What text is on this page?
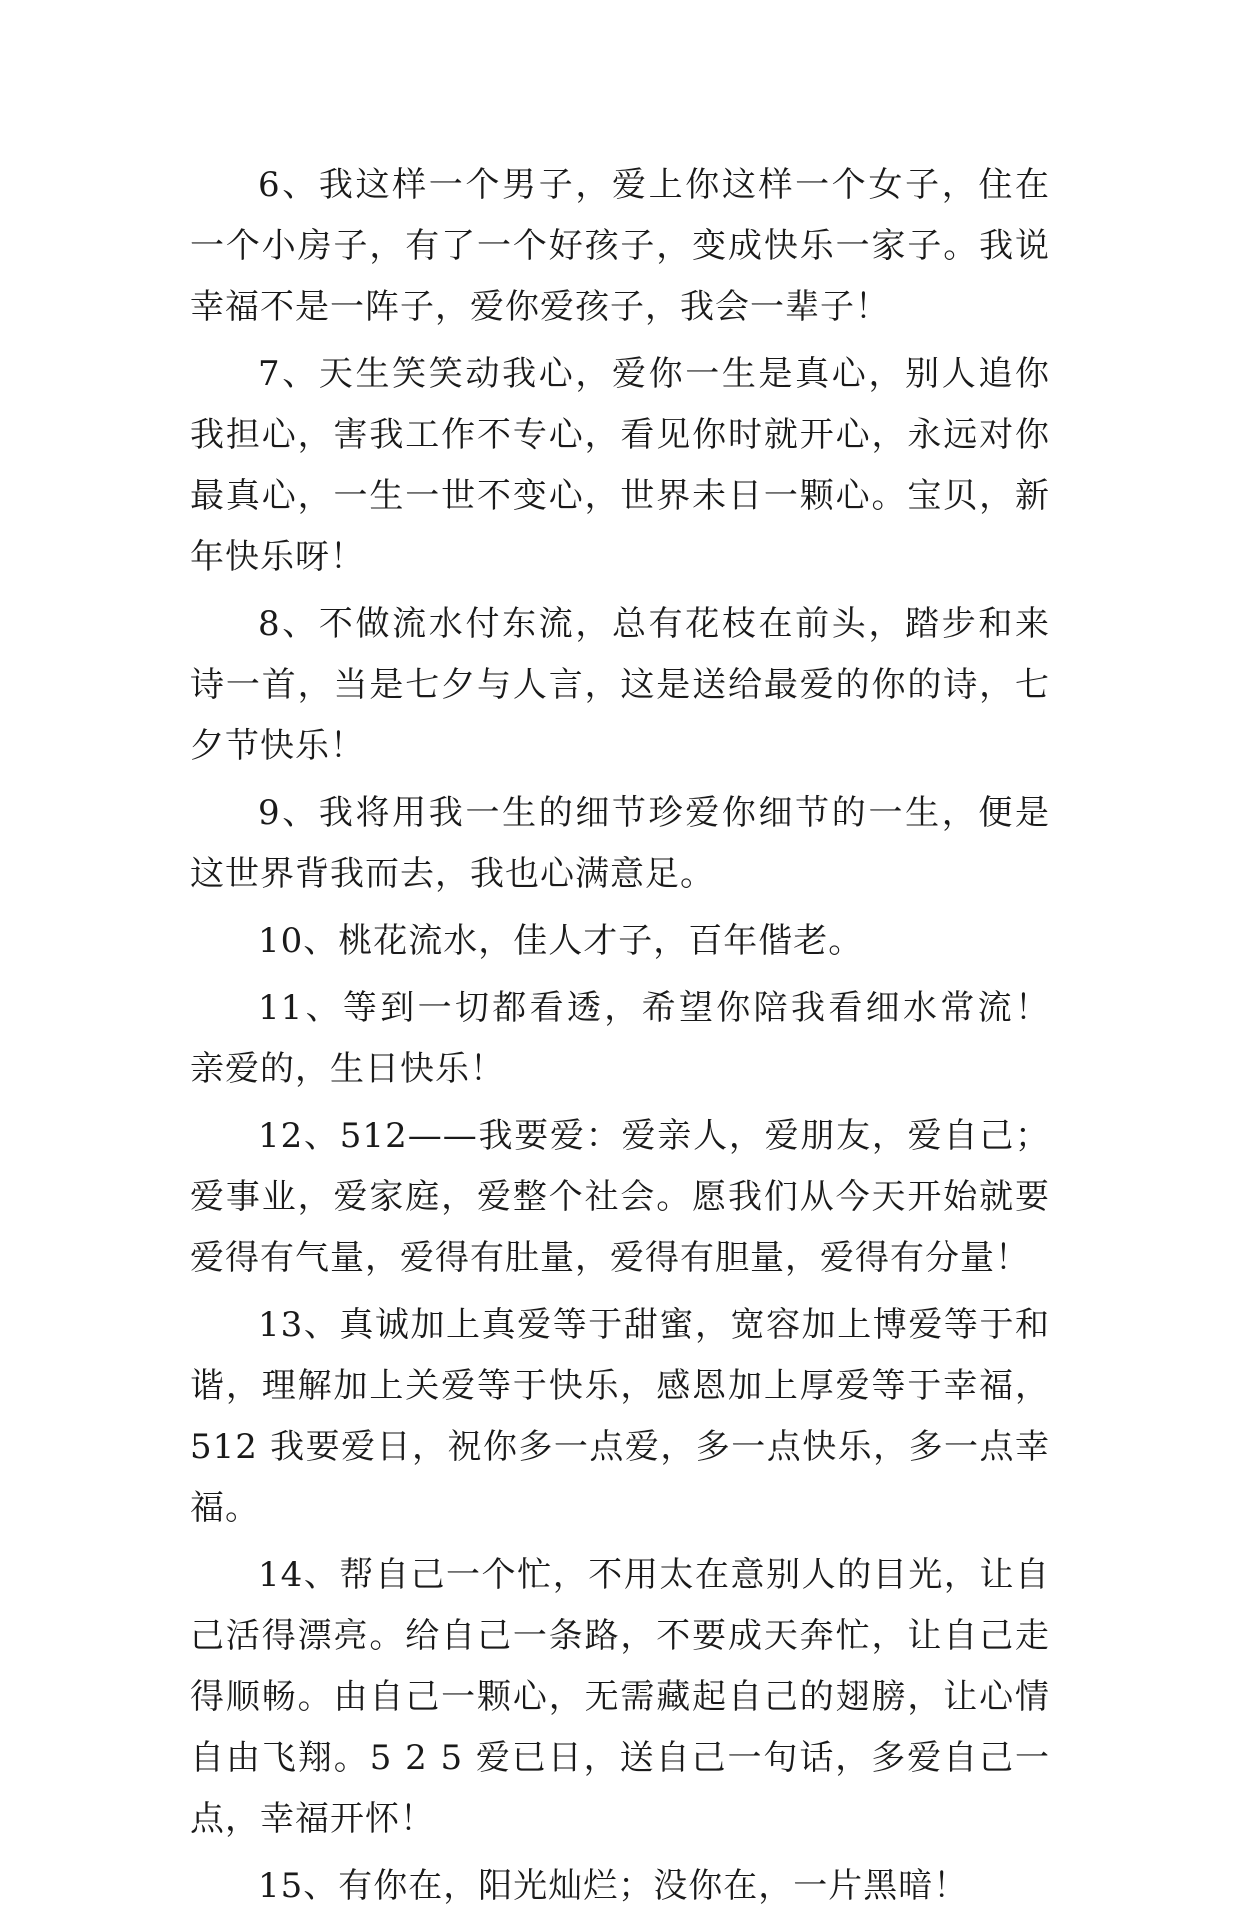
6、我这样一个男子，爱上你这样一个女子，住在一个小房子，有了一个好孩子，变成快乐一家子。我说幸福不是一阵子，爱你爱孩子，我会一辈子！

7、天生笑笑动我心，爱你一生是真心，别人追你我担心，害我工作不专心，看见你时就开心，永远对你最真心，一生一世不变心，世界未日一颗心。宝贝，新年快乐呀！

8、不做流水付东流，总有花枝在前头，踏步和来诗一首，当是七夕与人言，这是送给最爱的你的诗，七夕节快乐！

9、我将用我一生的细节珍爱你细节的一生，便是这世界背我而去，我也心满意足。

10、桃花流水，佳人才子，百年偕老。

11、等到一切都看透，希望你陪我看细水常流！ 亲爱的，生日快乐！

12、512——我要爱：爱亲人，爱朋友，爱自己；爱事业，爱家庭，爱整个社会。愿我们从今天开始就要爱得有气量，爱得有肚量，爱得有胆量，爱得有分量！

13、真诚加上真爱等于甜蜜，宽容加上博爱等于和谐，理解加上关爱等于快乐，感恩加上厚爱等于幸福，512 我要爱日，祝你多一点爱，多一点快乐，多一点幸福。

14、帮自己一个忙，不用太在意别人的目光，让自己活得漂亮。给自己一条路，不要成天奔忙，让自己走得顺畅。由自己一颗心，无需藏起自己的翅膀，让心情自由飞翔。5 2 5 爱已日，送自己一句话，多爱自己一点，幸福开怀！

15、有你在，阳光灿烂；没你在，一片黑暗！
